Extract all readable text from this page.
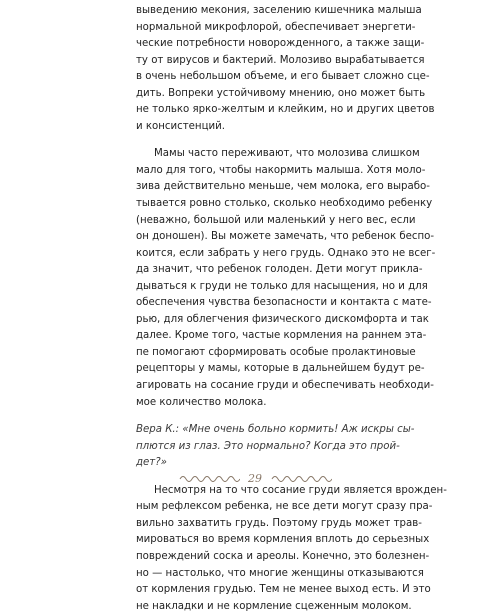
выведению мекония, заселению кишечника малыша
нормальной микрофлорой, обеспечивает энергети-
ческие потребности новорожденного, а также защи-
ту от вирусов и бактерий. Молозиво вырабатывается
в очень небольшом объеме, и его бывает сложно сце-
дить. Вопреки устойчивому мнению, оно может быть
не только ярко-желтым и клейким, но и других цветов
и консистенций.
Мамы часто переживают, что молозива слишком
мало для того, чтобы накормить малыша. Хотя моло-
зива действительно меньше, чем молока, его вырабо-
тывается ровно столько, сколько необходимо ребенку
(неважно, большой или маленький у него вес, если
он доношен). Вы можете замечать, что ребенок беспо-
коится, если забрать у него грудь. Однако это не всег-
да значит, что ребенок голоден. Дети могут прикла-
дываться к груди не только для насыщения, но и для
обеспечения чувства безопасности и контакта с мате-
рью, для облегчения физического дискомфорта и так
далее. Кроме того, частые кормления на раннем эта-
пе помогают сформировать особые пролактиновые
рецепторы у мамы, которые в дальнейшем будут ре-
агировать на сосание груди и обеспечивать необходи-
мое количество молока.
Вера К.: «Мне очень больно кормить! Аж искры сы-
плются из глаз. Это нормально? Когда это прой-
дет?»
Несмотря на то что сосание груди является врожден-
ным рефлексом ребенка, не все дети могут сразу пра-
вильно захватить грудь. Поэтому грудь может трав-
мироваться во время кормления вплоть до серьезных
повреждений соска и ареолы. Конечно, это болезнен-
но — настолько, что многие женщины отказываются
от кормления грудью. Тем не менее выход есть. И это
не накладки и не кормление сцеженным молоком.
29
